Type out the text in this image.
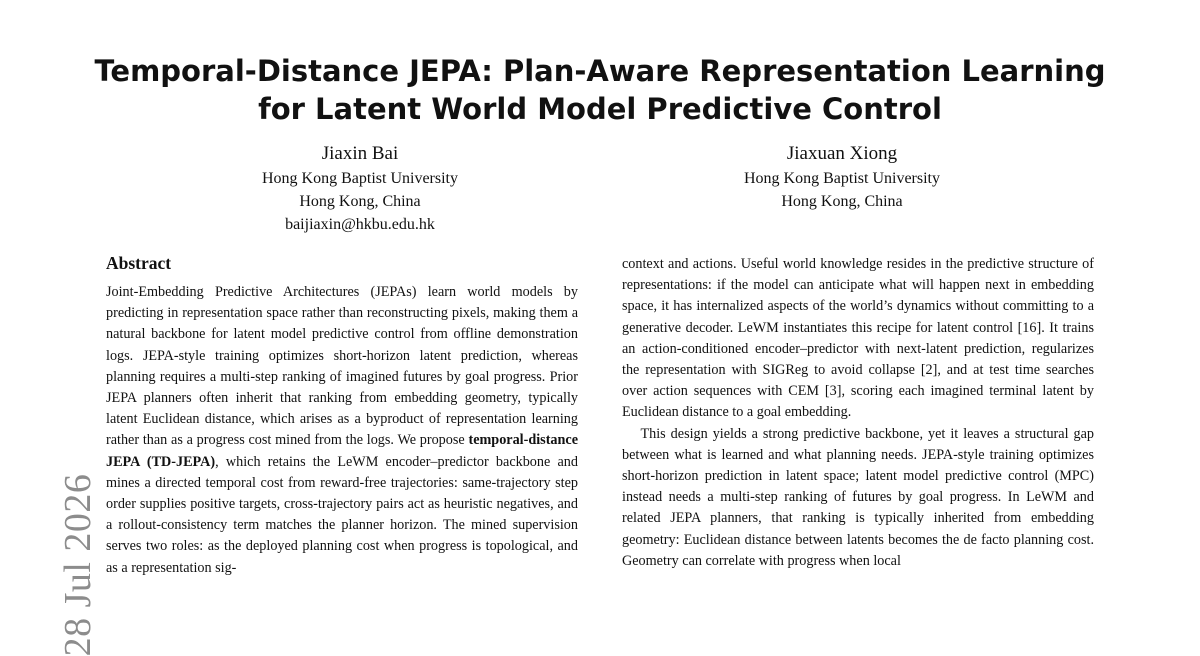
Temporal-Distance JEPA: Plan-Aware Representation Learning
for Latent World Model Predictive Control
Jiaxin Bai
Hong Kong Baptist University
Hong Kong, China
baijiaxin@hkbu.edu.hk
Jiaxuan Xiong
Hong Kong Baptist University
Hong Kong, China
28 Jul 2026
Abstract

Joint-Embedding Predictive Architectures (JEPAs) learn world models by predicting in representation space rather than reconstructing pixels, making them a natural backbone for latent model predictive control from offline demonstration logs. JEPA-style training optimizes short-horizon latent prediction, whereas planning requires a multi-step ranking of imagined futures by goal progress. Prior JEPA planners often inherit that ranking from embedding geometry, typically latent Euclidean distance, which arises as a byproduct of representation learning rather than as a progress cost mined from the logs. We propose temporal-distance JEPA (TD-JEPA), which retains the LeWM encoder–predictor backbone and mines a directed temporal cost from reward-free trajectories: same-trajectory step order supplies positive targets, cross-trajectory pairs act as heuristic negatives, and a rollout-consistency term matches the planner horizon. The mined supervision serves two roles: as the deployed planning cost when progress is topological, and as a representation sig-

context and actions. Useful world knowledge resides in the predictive structure of representations: if the model can anticipate what will happen next in embedding space, it has internalized aspects of the world’s dynamics without committing to a generative decoder. LeWM instantiates this recipe for latent control [16]. It trains an action-conditioned encoder–predictor with next-latent prediction, regularizes the representation with SIGReg to avoid collapse [2], and at test time searches over action sequences with CEM [3], scoring each imagined terminal latent by Euclidean distance to a goal embedding.

This design yields a strong predictive backbone, yet it leaves a structural gap between what is learned and what planning needs. JEPA-style training optimizes short-horizon prediction in latent space; latent model predictive control (MPC) instead needs a multi-step ranking of futures by goal progress. In LeWM and related JEPA planners, that ranking is typically inherited from embedding geometry: Euclidean distance between latents becomes the de facto planning cost. Geometry can correlate with progress when local
